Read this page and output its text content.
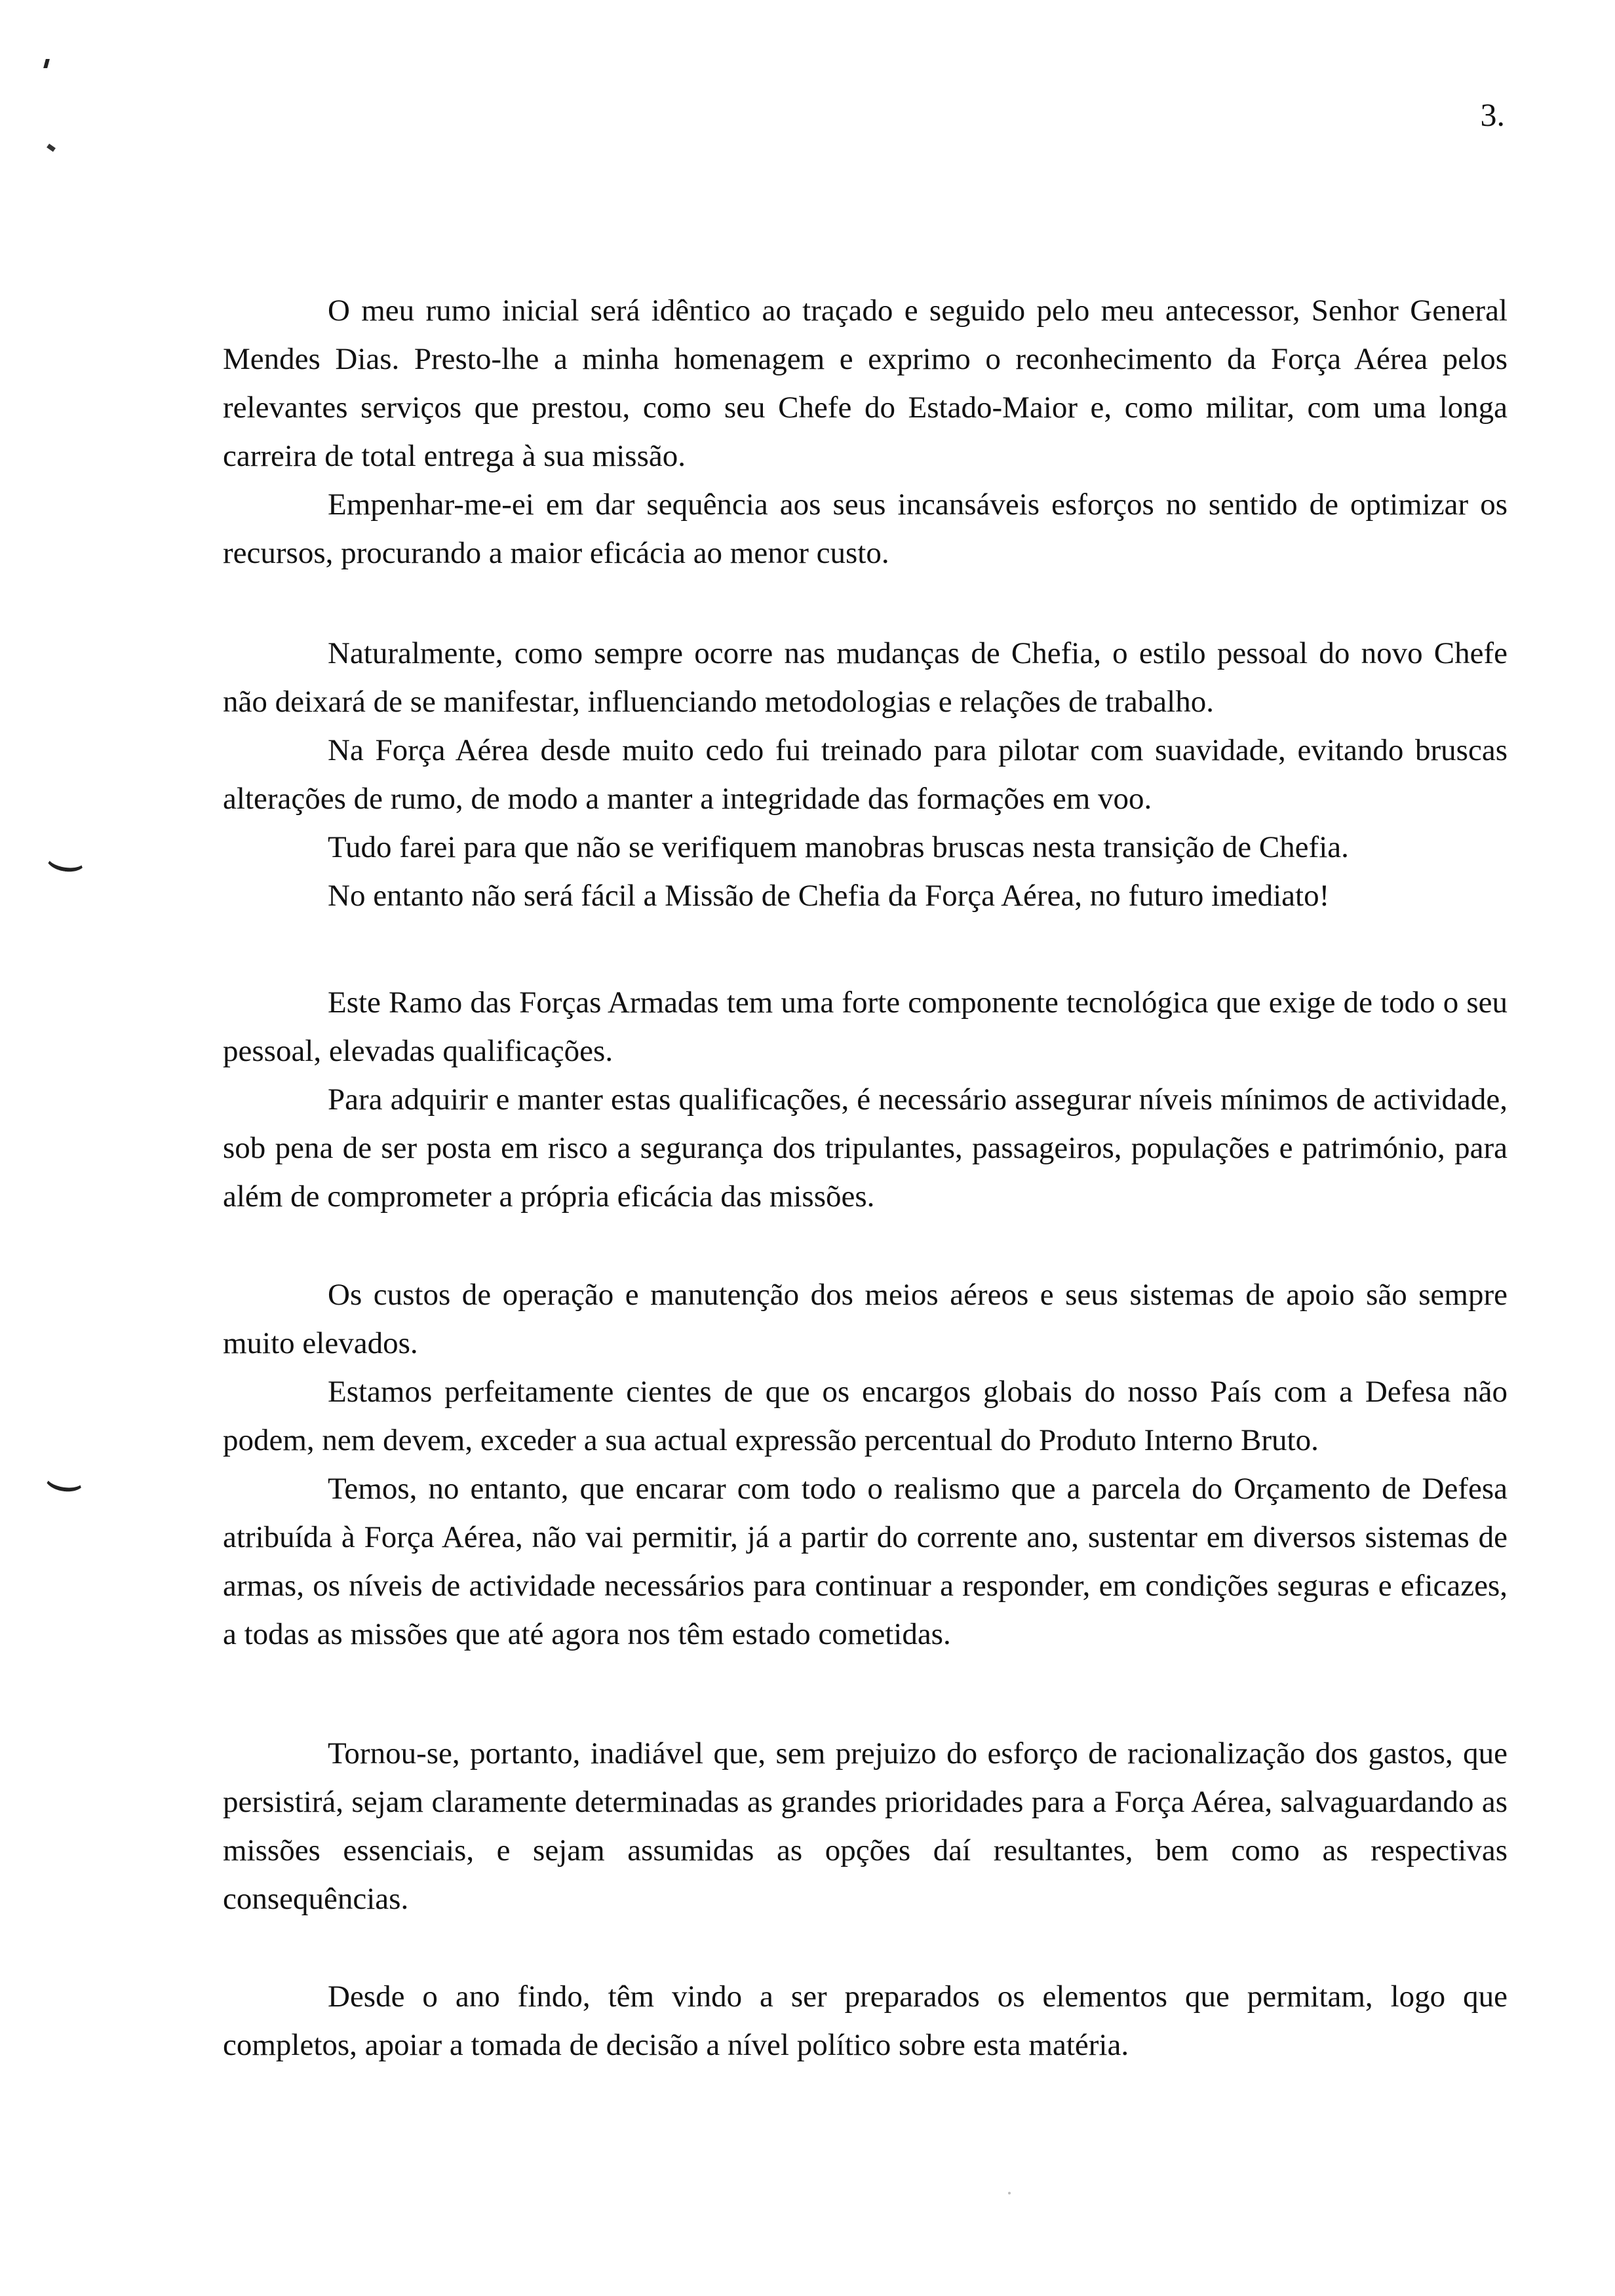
3.

O meu rumo inicial será idêntico ao traçado e seguido pelo meu antecessor, Senhor General Mendes Dias. Presto-lhe a minha homenagem e exprimo o reconhecimento da Força Aérea pelos relevantes serviços que prestou, como seu Chefe do Estado-Maior e, como militar, com uma longa carreira de total entrega à sua missão.

Empenhar-me-ei em dar sequência aos seus incansáveis esforços no sentido de optimizar os recursos, procurando a maior eficácia ao menor custo.

Naturalmente, como sempre ocorre nas mudanças de Chefia, o estilo pessoal do novo Chefe não deixará de se manifestar, influenciando metodologias e relações de trabalho.

Na Força Aérea desde muito cedo fui treinado para pilotar com suavidade, evitando bruscas alterações de rumo, de modo a manter a integridade das formações em voo.

Tudo farei para que não se verifiquem manobras bruscas nesta transição de Chefia.

No entanto não será fácil a Missão de Chefia da Força Aérea, no futuro imediato!

Este Ramo das Forças Armadas tem uma forte componente tecnológica que exige de todo o seu pessoal, elevadas qualificações.

Para adquirir e manter estas qualificações, é necessário assegurar níveis mínimos de actividade, sob pena de ser posta em risco a segurança dos tripulantes, passageiros, populações e património, para além de comprometer a própria eficácia das missões.

Os custos de operação e manutenção dos meios aéreos e seus sistemas de apoio são sempre muito elevados.

Estamos perfeitamente cientes de que os encargos globais do nosso País com a Defesa não podem, nem devem, exceder a sua actual expressão percentual do Produto Interno Bruto.

Temos, no entanto, que encarar com todo o realismo que a parcela do Orçamento de Defesa atribuída à Força Aérea, não vai permitir, já a partir do corrente ano, sustentar em diversos sistemas de armas, os níveis de actividade necessários para continuar a responder, em condições seguras e eficazes, a todas as missões que até agora nos têm estado cometidas.

Tornou-se, portanto, inadiável que, sem prejuizo do esforço de racionalização dos gastos, que persistirá, sejam claramente determinadas as grandes prioridades para a Força Aérea, salvaguardando as missões essenciais, e sejam assumidas as opções daí resultantes, bem como as respectivas consequências.

Desde o ano findo, têm vindo a ser preparados os elementos que permitam, logo que completos, apoiar a tomada de decisão a nível político sobre esta matéria.
